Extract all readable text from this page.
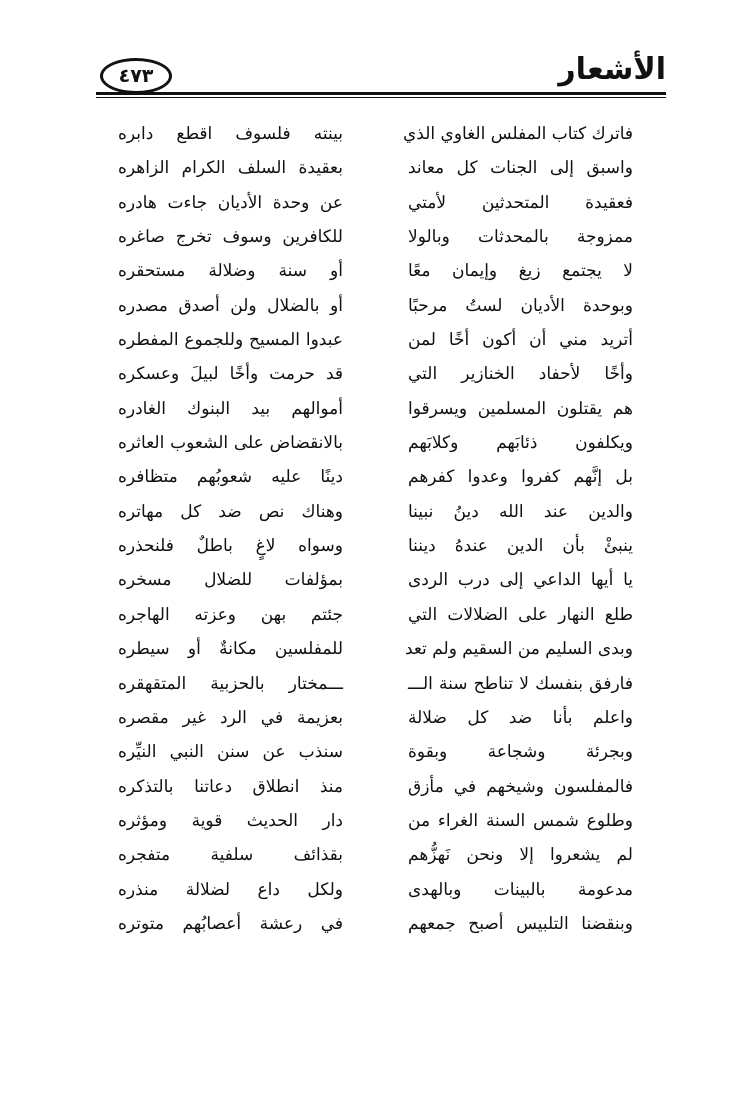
٤٧٣	الأشعار
فاترك كتاب المفلس الغاوي الذي
بينته فلسوف اقطع دابره
واسبق إلى الجنات كل معاند
بعقيدة السلف الكرام الزاهره
فعقيدة المتحدثين لأمتي
عن وحدة الأديان جاءت هادره
ممزوجة بالمحدثات وبالولا
للكافرين وسوف تخرج صاغره
لا يجتمع زيغ وإيمان معًا
أو سنة وضلالة مستحقره
وبوحدة الأديان لستُ مرحبًا
أو بالضلال ولن أصدق مصدره
أتريد مني أن أكون أخًا لمن
عبدوا المسيح وللجموع المفطره
وأخًا لأحفاد الخنازير التي
قد حرمت وأخًا لبيلَ وعسكره
هم يقتلون المسلمين ويسرقوا
أموالهم بيد البنوك الغادره
ويكلفون ذئابَهم وكلابَهم
بالانقضاض على الشعوب العاثره
بل إنَّهم كفروا وعدوا كفرهم
دينًا عليه شعوبُهم متظافره
والدين عند الله دينُ نبينا
وهناك نص ضد كل مهاتره
ينبئْ بأن الدين عندهُ ديننا
وسواه لاغٍ باطلٌ فلنحذره
يا أيها الداعي إلى درب الردى
بمؤلفات للضلال مسخره
طلع النهار على الضلالات التي
جئتم بهن وعزته الهاجره
وبدى السليم من السقيم ولم تعد
للمفلسين مكانةٌ أو سيطره
فارفق بنفسك لا تناطح سنة الـــ
ـــمختار بالحزبية المتقهقره
واعلم بأنا ضد كل ضلالة
بعزيمة في الرد غير مقصره
وبجرئة وشجاعة وبقوة
سنذب عن سنن النبي النيِّره
فالمفلسون وشيخهم في مأزق
منذ انطلاق دعاتنا بالتذكره
وطلوع شمس السنة الغراء من
دار الحديث قوية ومؤثره
لم يشعروا إلا ونحن نَهزُّهم
بقذائف سلفية متفجره
مدعومة بالبينات وبالهدى
ولكل داع لضلالة منذره
وبنقضنا التلبيس أصبح جمعهم
في رعشة أعصابُهم متوتره
